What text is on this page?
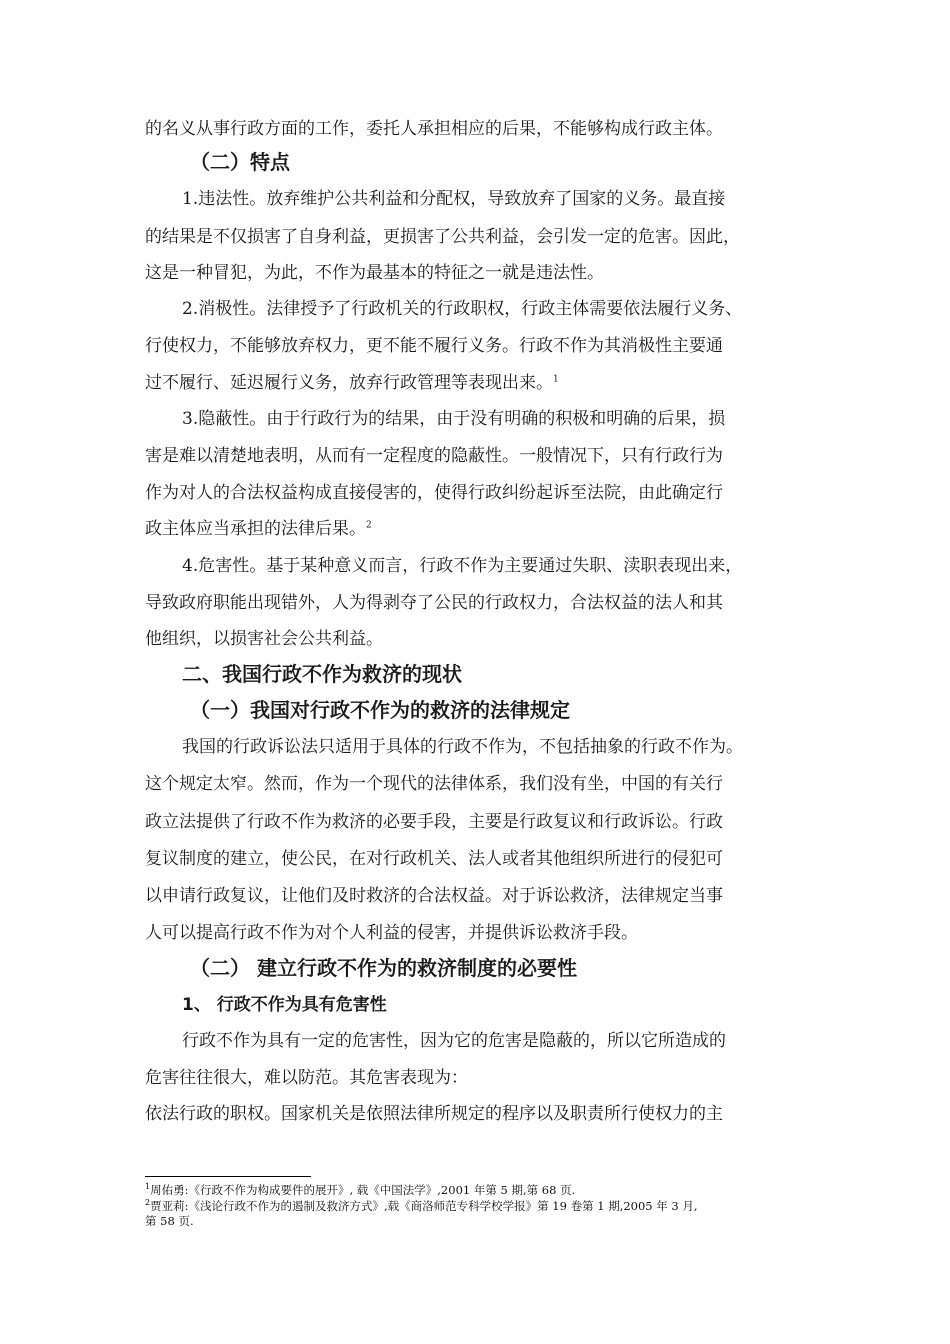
的名义从事行政方面的工作，委托人承担相应的后果，不能够构成行政主体。
（二）特点
1.违法性。放弃维护公共利益和分配权，导致放弃了国家的义务。最直接
的结果是不仅损害了自身利益，更损害了公共利益，会引发一定的危害。因此，
这是一种冒犯，为此，不作为最基本的特征之一就是违法性。
2.消极性。法律授予了行政机关的行政职权，行政主体需要依法履行义务、
行使权力，不能够放弃权力，更不能不履行义务。行政不作为其消极性主要通
过不履行、延迟履行义务，放弃行政管理等表现出来。$^1$
3.隐蔽性。由于行政行为的结果，由于没有明确的积极和明确的后果，损
害是难以清楚地表明，从而有一定程度的隐蔽性。一般情况下，只有行政行为
作为对人的合法权益构成直接侵害的，使得行政纠纷起诉至法院，由此确定行
政主体应当承担的法律后果。$^2$
4.危害性。基于某种意义而言，行政不作为主要通过失职、渎职表现出来，
导致政府职能出现错外，人为得剥夺了公民的行政权力，合法权益的法人和其
他组织，以损害社会公共利益。
二、我国行政不作为救济的现状
（一）我国对行政不作为的救济的法律规定
我国的行政诉讼法只适用于具体的行政不作为，不包括抽象的行政不作为。
这个规定太窄。然而，作为一个现代的法律体系，我们没有坐，中国的有关行
政立法提供了行政不作为救济的必要手段，主要是行政复议和行政诉讼。行政
复议制度的建立，使公民，在对行政机关、法人或者其他组织所进行的侵犯可
以申请行政复议，让他们及时救济的合法权益。对于诉讼救济，法律规定当事
人可以提高行政不作为对个人利益的侵害，并提供诉讼救济手段。
（二） 建立行政不作为的救济制度的必要性
1、 行政不作为具有危害性
行政不作为具有一定的危害性，因为它的危害是隐蔽的，所以它所造成的
危害往往很大，难以防范。其危害表现为：
依法行政的职权。国家机关是依照法律所规定的程序以及职责所行使权力的主
$^1$周佑勇:《行政不作为构成要件的展开》, 载《中国法学》,2001 年第 5 期,第 68 页.
$^2$贾亚莉:《浅论行政不作为的遏制及救济方式》,载《商洛师范专科学校学报》第 19 卷第 1 期,2005 年 3 月,
第 58 页.
